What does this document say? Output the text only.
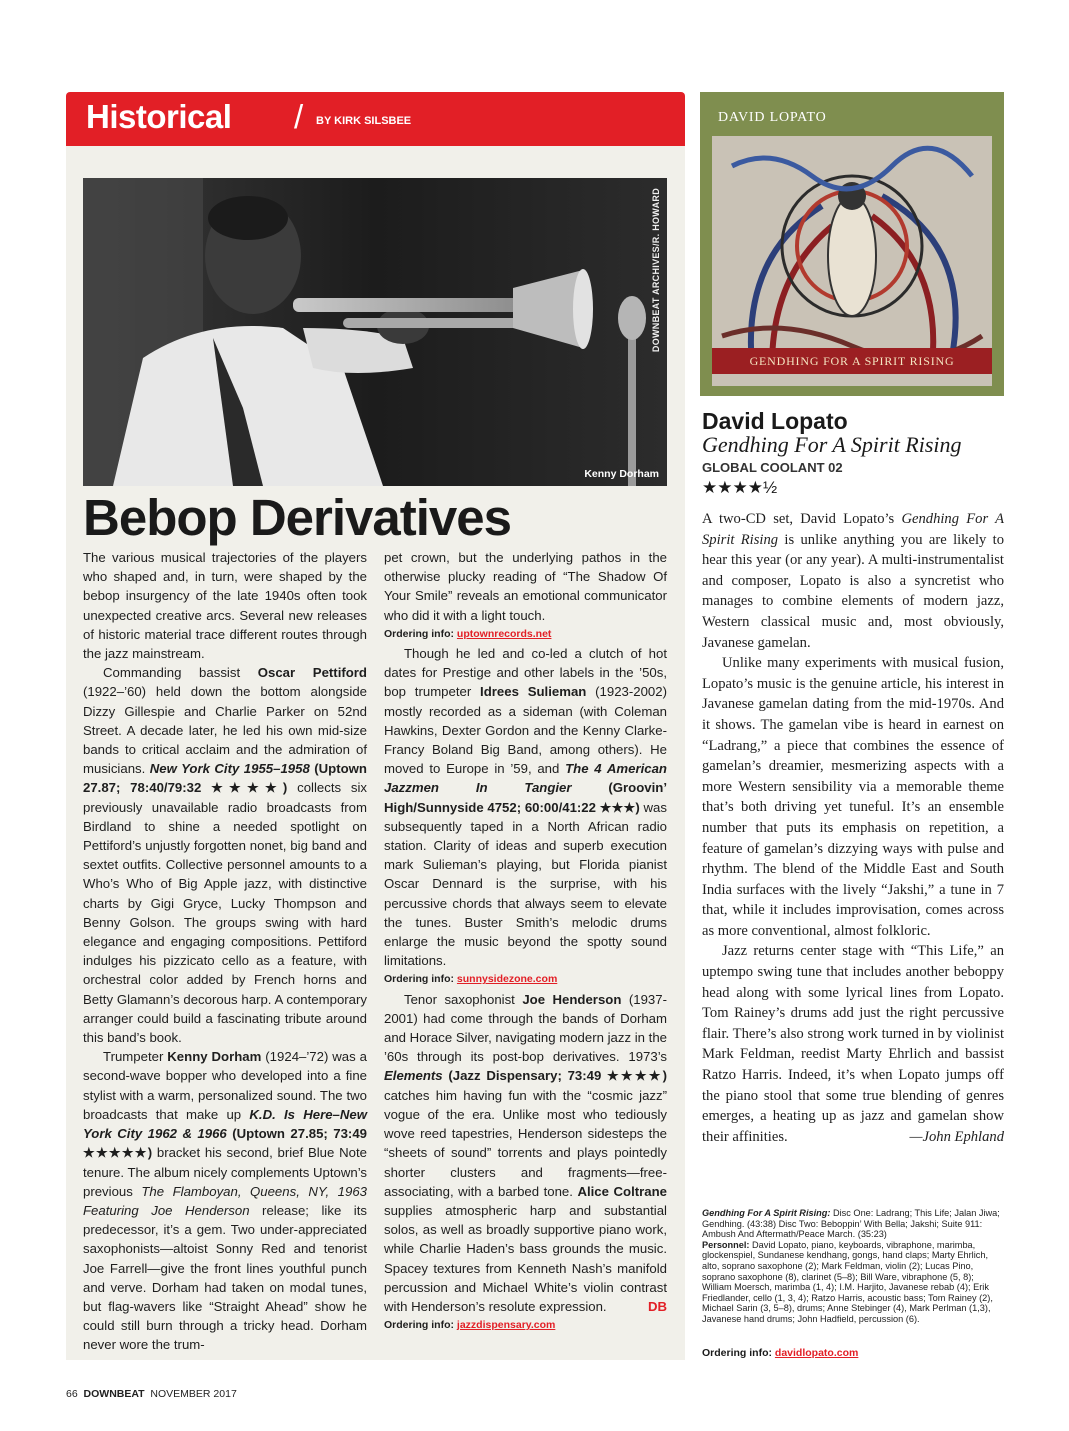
Historical / BY KIRK SILSBEE
DOWNBEAT ARCHIVES/R. HOWARD
Kenny Dorham
Bebop Derivatives

The various musical trajectories of the players who shaped and, in turn, were shaped by the bebop insurgency of the late 1940s often took unexpected creative arcs. Several new releases of historic material trace different routes through the jazz mainstream.

Commanding bassist Oscar Pettiford (1922–’60) held down the bottom alongside Dizzy Gillespie and Charlie Parker on 52nd Street. A decade later, he led his own mid-size bands to critical acclaim and the admiration of musicians. New York City 1955–1958 (Uptown 27.87; 78:40/79:32 ★★★★) collects six previously unavailable radio broadcasts from Birdland to shine a needed spotlight on Pettiford’s unjustly forgotten nonet, big band and sextet outfits. Collective personnel amounts to a Who’s Who of Big Apple jazz, with distinctive charts by Gigi Gryce, Lucky Thompson and Benny Golson. The groups swing with hard elegance and engaging compositions. Pettiford indulges his pizzicato cello as a feature, with orchestral color added by French horns and Betty Glamann’s decorous harp. A contemporary arranger could build a fascinating tribute around this band’s book.

Trumpeter Kenny Dorham (1924–’72) was a second-wave bopper who developed into a fine stylist with a warm, personalized sound. The two broadcasts that make up K.D. Is Here–New York City 1962 & 1966 (Uptown 27.85; 73:49 ★★★★★) bracket his second, brief Blue Note tenure. The album nicely complements Uptown’s previous The Flamboyan, Queens, NY, 1963 Featuring Joe Henderson release; like its predecessor, it’s a gem. Two under-appreciated saxophonists—altoist Sonny Red and tenorist Joe Farrell—give the front lines youthful punch and verve. Dorham had taken on modal tunes, but flag-wavers like “Straight Ahead” show he could still burn through a tricky head. Dorham never wore the trum-

pet crown, but the underlying pathos in the otherwise plucky reading of “The Shadow Of Your Smile” reveals an emotional communicator who did it with a light touch.

Ordering info: uptownrecords.net

Though he led and co-led a clutch of hot dates for Prestige and other labels in the ’50s, bop trumpeter Idrees Sulieman (1923-2002) mostly recorded as a sideman (with Coleman Hawkins, Dexter Gordon and the Kenny Clarke-Francy Boland Big Band, among others). He moved to Europe in ’59, and The 4 American Jazzmen In Tangier (Groovin’ High/Sunnyside 4752; 60:00/41:22 ★★★) was subsequently taped in a North African radio station. Clarity of ideas and superb execution mark Sulieman’s playing, but Florida pianist Oscar Dennard is the surprise, with his percussive chords that always seem to elevate the tunes. Buster Smith’s melodic drums enlarge the music beyond the spotty sound limitations.

Ordering info: sunnysidezone.com

Tenor saxophonist Joe Henderson (1937-2001) had come through the bands of Dorham and Horace Silver, navigating modern jazz in the ’60s through its post-bop derivatives. 1973’s Elements (Jazz Dispensary; 73:49 ★★★★) catches him having fun with the “cosmic jazz” vogue of the era. Unlike most who tediously wove reed tapestries, Henderson sidesteps the “sheets of sound” torrents and plays pointedly shorter clusters and fragments—free-associating, with a barbed tone. Alice Coltrane supplies atmospheric harp and substantial solos, as well as broadly supportive piano work, while Charlie Haden’s bass grounds the music. Spacey textures from Kenneth Nash’s manifold percussion and Michael White’s violin contrast with Henderson’s resolute expression.	DB

Ordering info: jazzdispensary.com

DAVID LOPATO
GENDHING FOR A SPIRIT RISING
David Lopato
Gendhing For A Spirit Rising
GLOBAL COOLANT 02
★★★★½

A two-CD set, David Lopato’s Gendhing For A Spirit Rising is unlike anything you are likely to hear this year (or any year). A multi-instrumentalist and composer, Lopato is also a syncretist who manages to combine elements of modern jazz, Western classical music and, most obviously, Javanese gamelan.

Unlike many experiments with musical fusion, Lopato’s music is the genuine article, his interest in Javanese gamelan dating from the mid-1970s. And it shows. The gamelan vibe is heard in earnest on “Ladrang,” a piece that combines the essence of gamelan’s dreamier, mesmerizing aspects with a more Western sensibility via a memorable theme that’s both driving yet tuneful. It’s an ensemble number that puts its emphasis on repetition, a feature of gamelan’s dizzying ways with pulse and rhythm. The blend of the Middle East and South India surfaces with the lively “Jakshi,” a tune in 7 that, while it includes improvisation, comes across as more conventional, almost folkloric.

Jazz returns center stage with “This Life,” an uptempo swing tune that includes another beboppy head along with some lyrical lines from Lopato. Tom Rainey’s drums add just the right percussive flair. There’s also strong work turned in by violinist Mark Feldman, reedist Marty Ehrlich and bassist Ratzo Harris. Indeed, it’s when Lopato jumps off the piano stool that some true blending of genres emerges, a heating up as jazz and gamelan show their affinities.	—John Ephland

Gendhing For A Spirit Rising: Disc One: Ladrang; This Life; Jalan Jiwa; Gendhing. (43:38) Disc Two: Beboppin’ With Bella; Jakshi; Suite 911: Ambush And Aftermath/Peace March. (35:23)
Personnel: David Lopato, piano, keyboards, vibraphone, marimba, glockenspiel, Sundanese kendhang, gongs, hand claps; Marty Ehrlich, alto, soprano saxophone (2); Mark Feldman, violin (2); Lucas Pino, soprano saxophone (8), clarinet (5–8); Bill Ware, vibraphone (5, 8); William Moersch, marimba (1, 4); I.M. Harjito, Javanese rebab (4); Erik Friedlander, cello (1, 3, 4); Ratzo Harris, acoustic bass; Tom Rainey (2), Michael Sarin (3, 5–8), drums; Anne Stebinger (4), Mark Perlman (1,3), Javanese hand drums; John Hadfield, percussion (6).
Ordering info: davidlopato.com
66 DOWNBEAT NOVEMBER 2017
